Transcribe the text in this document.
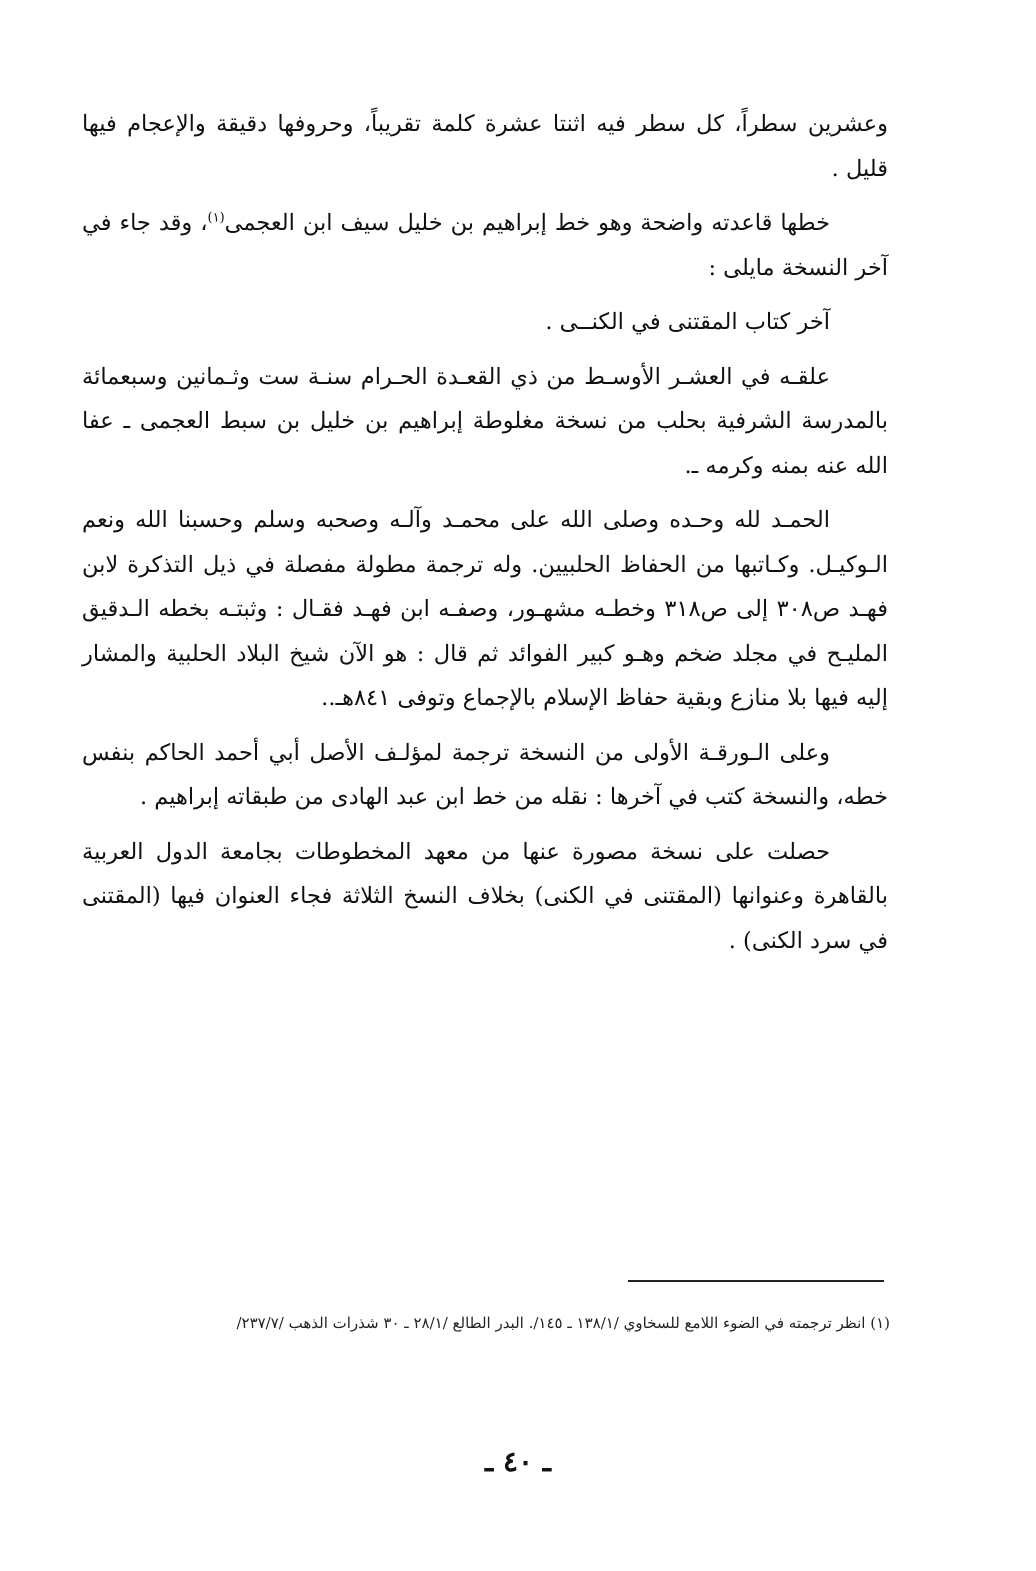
وعشرين سطراً، كل سطر فيه اثنتا عشرة كلمة تقريباً، وحروفها دقيقة والإعجام فيها قليل .

خطها قاعدته واضحة وهو خط إبراهيم بن خليل سيف ابن العجمى$^{(١)}$، وقد جاء في آخر النسخة مايلى :

آخر كتاب المقتنى في الكنــى .

علقـه في العشـر الأوسـط من ذي القعـدة الحـرام سنـة ست وثـمانين وسبعمائة بالمدرسة الشرفية بحلب من نسخة مغلوطة إبراهيم بن خليل بن سبط العجمى ـ عفا الله عنه بمنه وكرمه ـ.

الحمـد لله وحـده وصلى الله على محمـد وآلـه وصحبه وسلم وحسبنا الله ونعم الـوكيـل. وكـاتبها من الحفاظ الحلبيين. وله ترجمة مطولة مفصلة في ذيل التذكرة لابن فهـد ص٣٠٨ إلى ص٣١٨ وخطـه مشهـور، وصفـه ابن فهـد فقـال : وثبتـه بخطه الـدقيق المليـح في مجلد ضخم وهـو كبير الفوائد ثم قال : هو الآن شيخ البلاد الحلبية والمشار إليه فيها بلا منازع وبقية حفاظ الإسلام بالإجماع وتوفى ٨٤١هـ..

وعلى الـورقـة الأولى من النسخة ترجمة لمؤلـف الأصل أبي أحمد الحاكم بنفس خطه، والنسخة كتب في آخرها : نقله من خط ابن عبد الهادى من طبقاته إبراهيم .

حصلت على نسخة مصورة عنها من معهد المخطوطات بجامعة الدول العربية بالقاهرة وعنوانها (المقتنى في الكنى) بخلاف النسخ الثلاثة فجاء العنوان فيها (المقتنى في سرد الكنى) .

(١) انظر ترجمته في الضوء اللامع للسخاوي /١٣٨/١ ـ ١٤٥/. البدر الطالع /٢٨/١ ـ ٣٠ شذرات الذهب /٢٣٧/٧/
ـ ٤٠ ـ
